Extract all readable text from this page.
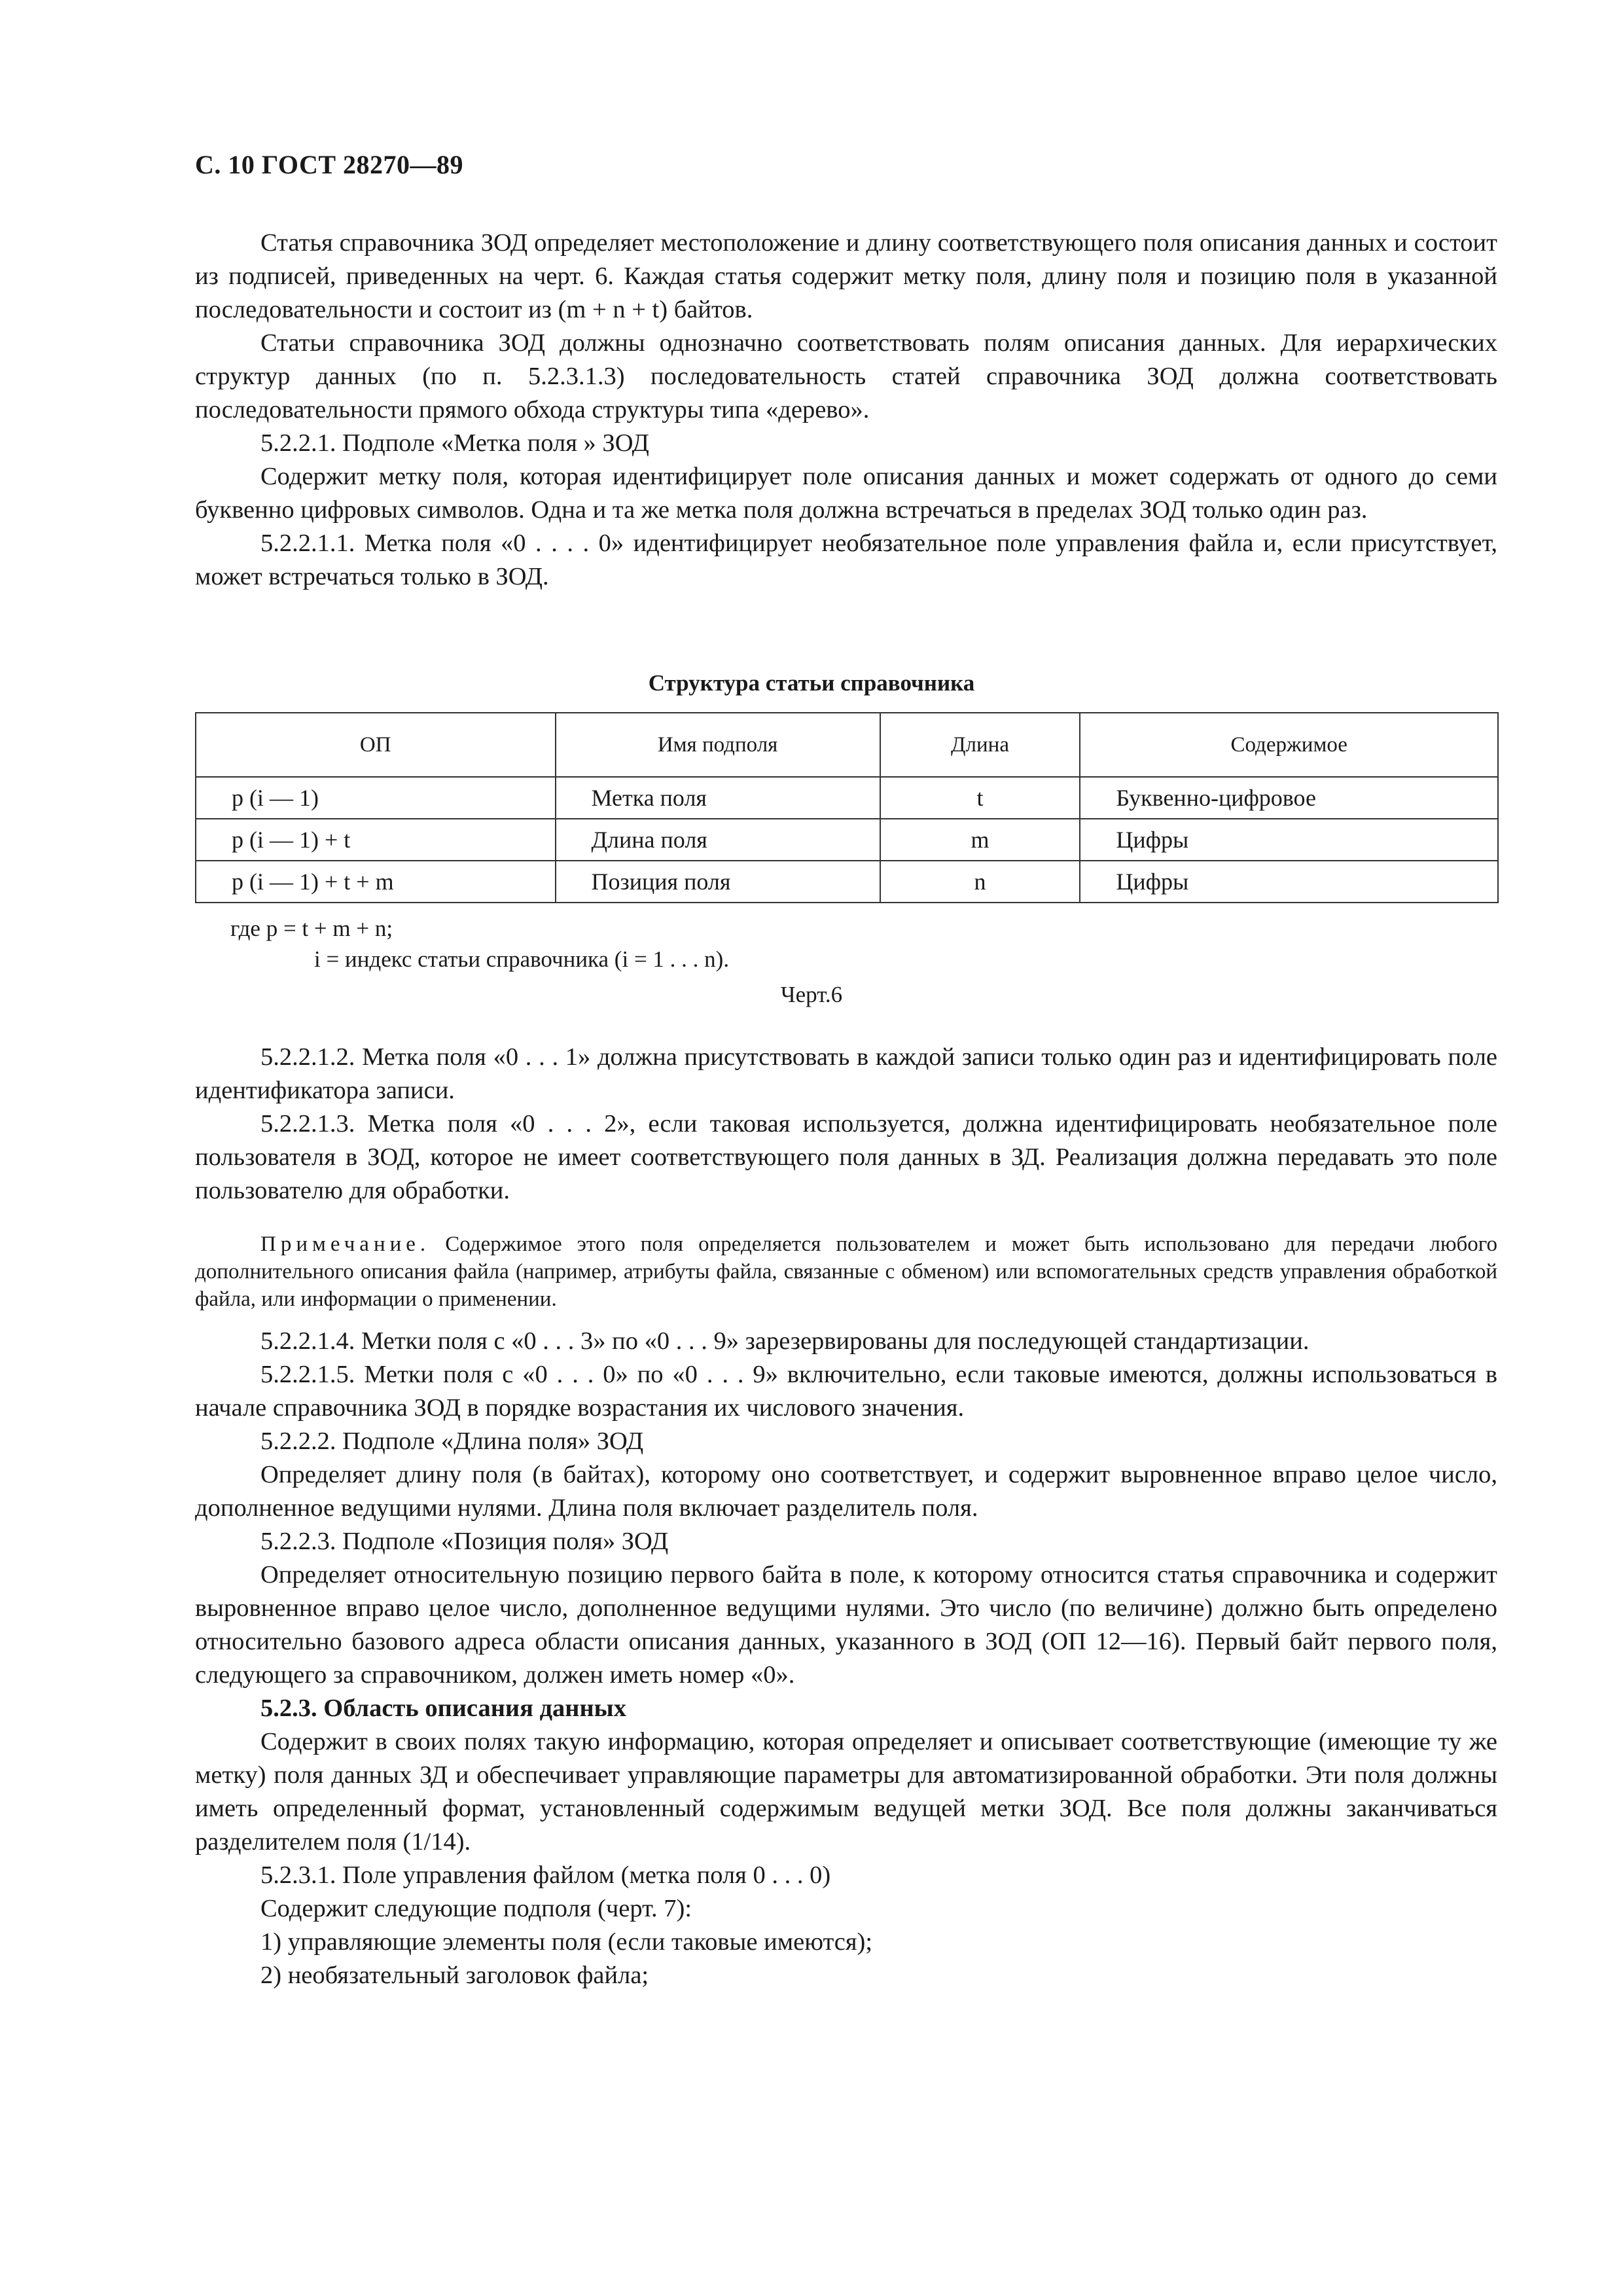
С. 10 ГОСТ 28270—89

Статья справочника ЗОД определяет местоположение и длину соответствующего поля описания данных и состоит из подписей, приведенных на черт. 6. Каждая статья содержит метку поля, длину поля и позицию поля в указанной последовательности и состоит из (m + n + t) байтов.

Статьи справочника ЗОД должны однозначно соответствовать полям описания данных. Для иерархических структур данных (по п. 5.2.3.1.3) последовательность статей справочника ЗОД должна соответствовать последовательности прямого обхода структуры типа «дерево».

5.2.2.1. Подполе «Метка поля » ЗОД

Содержит метку поля, которая идентифицирует поле описания данных и может содержать от одного до семи буквенно цифровых символов. Одна и та же метка поля должна встречаться в пределах ЗОД только один раз.

5.2.2.1.1. Метка поля «0 . . . . 0» идентифицирует необязательное поле управления файла и, если присутствует, может встречаться только в ЗОД.

Структура статьи справочника
ОП	Имя подполя	Длина	Содержимое
p (i — 1)	Метка поля	t	Буквенно-цифровое
p (i — 1) + t	Длина поля	m	Цифры
p (i — 1) + t + m	Позиция поля	n	Цифры
где p = t + m + n;
i = индекс статьи справочника (i = 1 . . . n).
Черт.6

5.2.2.1.2. Метка поля «0 . . . 1» должна присутствовать в каждой записи только один раз и идентифицировать поле идентификатора записи.

5.2.2.1.3. Метка поля «0 . . . 2», если таковая используется, должна идентифицировать необязательное поле пользователя в ЗОД, которое не имеет соответствующего поля данных в ЗД. Реализация должна передавать это поле пользователю для обработки.

Примечание. Содержимое этого поля определяется пользователем и может быть использовано для передачи любого дополнительного описания файла (например, атрибуты файла, связанные с обменом) или вспомогательных средств управления обработкой файла, или информации о применении.

5.2.2.1.4. Метки поля с «0 . . . 3» по «0 . . . 9» зарезервированы для последующей стандартизации.

5.2.2.1.5. Метки поля с «0 . . . 0» по «0 . . . 9» включительно, если таковые имеются, должны использоваться в начале справочника ЗОД в порядке возрастания их числового значения.

5.2.2.2. Подполе «Длина поля» ЗОД

Определяет длину поля (в байтах), которому оно соответствует, и содержит выровненное вправо целое число, дополненное ведущими нулями. Длина поля включает разделитель поля.

5.2.2.3. Подполе «Позиция поля» ЗОД

Определяет относительную позицию первого байта в поле, к которому относится статья справочника и содержит выровненное вправо целое число, дополненное ведущими нулями. Это число (по величине) должно быть определено относительно базового адреса области описания данных, указанного в ЗОД (ОП 12—16). Первый байт первого поля, следующего за справочником, должен иметь номер «0».

5.2.3. Область описания данных

Содержит в своих полях такую информацию, которая определяет и описывает соответствующие (имеющие ту же метку) поля данных ЗД и обеспечивает управляющие параметры для автоматизированной обработки. Эти поля должны иметь определенный формат, установленный содержимым ведущей метки ЗОД. Все поля должны заканчиваться разделителем поля (1/14).

5.2.3.1. Поле управления файлом (метка поля 0 . . . 0)

Содержит следующие подполя (черт. 7):

1) управляющие элементы поля (если таковые имеются);

2) необязательный заголовок файла;
